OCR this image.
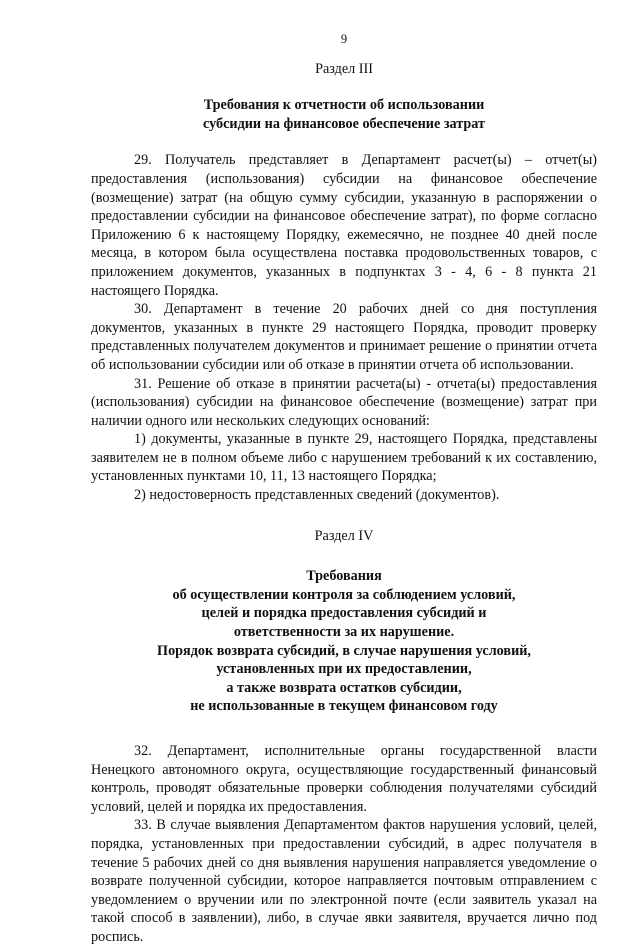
9
Раздел III
Требования к отчетности об использовании
субсидии на финансовое обеспечение затрат

29. Получатель представляет в Департамент расчет(ы) – отчет(ы) предоставления (использования) субсидии на финансовое обеспечение (возмещение) затрат (на общую сумму субсидии, указанную в распоряжении о предоставлении субсидии на финансовое обеспечение затрат), по форме согласно Приложению 6 к настоящему Порядку, ежемесячно, не позднее 40 дней после месяца, в котором была осуществлена поставка продовольственных товаров, с приложением документов, указанных в подпунктах 3 - 4, 6 - 8 пункта 21 настоящего Порядка.

30. Департамент в течение 20 рабочих дней со дня поступления документов, указанных в пункте 29 настоящего Порядка, проводит проверку представленных получателем документов и принимает решение о принятии отчета об использовании субсидии или об отказе в принятии отчета об использовании.

31. Решение об отказе в принятии расчета(ы) - отчета(ы) предоставления (использования) субсидии на финансовое обеспечение (возмещение) затрат при наличии одного или нескольких следующих оснований:

1) документы, указанные в пункте 29, настоящего Порядка, представлены заявителем не в полном объеме либо с нарушением требований к их составлению, установленных пунктами 10, 11, 13 настоящего Порядка;

2) недостоверность представленных сведений (документов).

Раздел IV
Требования
об осуществлении контроля за соблюдением условий,
целей и порядка предоставления субсидий и
ответственности за их нарушение.
Порядок возврата субсидий, в случае нарушения условий,
установленных при их предоставлении,
а также возврата остатков субсидии,
не использованные в текущем финансовом году

32. Департамент, исполнительные органы государственной власти Ненецкого автономного округа, осуществляющие государственный финансовый контроль, проводят обязательные проверки соблюдения получателями субсидий условий, целей и порядка их предоставления.

33. В случае выявления Департаментом фактов нарушения условий, целей, порядка, установленных при предоставлении субсидий, в адрес получателя в течение 5 рабочих дней со дня выявления нарушения направляется уведомление о возврате полученной субсидии, которое направляется почтовым отправлением с уведомлением о вручении или по электронной почте (если заявитель указал на такой способ в заявлении), либо, в случае явки заявителя, вручается лично под роспись.
